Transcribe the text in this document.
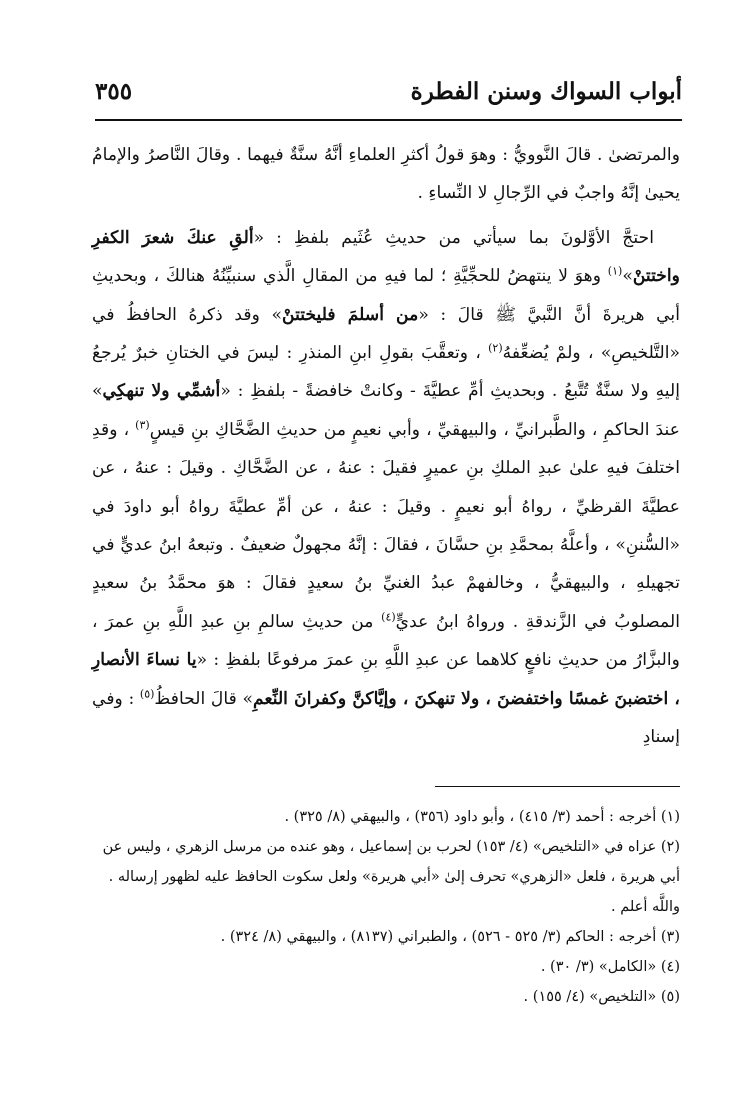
أبواب السواك وسنن الفطرة
٣٥٥

والمرتضىٰ . قالَ النَّوويُّ : وهوَ قولُ أكثرِ العلماءِ أنَّهُ سنَّةٌ فيهما . وقالَ النَّاصرُ والإمامُ يحيىٰ إنَّهُ واجبٌ في الرِّجالِ لا النِّساءِ .

احتجَّ الأوَّلونَ بما سيأتي من حديثِ عُثَيم بلفظِ : «ألقِ عنكَ شعرَ الكفرِ واختتنْ»$^{(١)}$ وهوَ لا ينتهضُ للحجِّيَّةِ ؛ لما فيهِ من المقالِ الَّذي سنبيِّنُهُ هنالكَ ، وبحديثِ أبي هريرةَ أنَّ النَّبيَّ ﷺ قالَ : «من أسلمَ فليختتنْ» وقد ذكرهُ الحافظُ في «التَّلخيصِ» ، ولمْ يُضعِّفهُ$^{(٢)}$ ، وتعقَّبَ بقولِ ابنِ المنذرِ : ليسَ في الختانِ خبرٌ يُرجعُ إليهِ ولا سنَّةٌ تُتَّبعُ . وبحديثِ أمِّ عطيَّةَ - وكانتْ خافضةً - بلفظِ : «أشمِّي ولا تنهكِي» عندَ الحاكمِ ، والطَّبرانيِّ ، والبيهقيِّ ، وأبي نعيمٍ من حديثِ الضَّحَّاكِ بنِ قيسٍ$^{(٣)}$ ، وقدِ اختلفَ فيهِ علىٰ عبدِ الملكِ بنِ عميرٍ فقيلَ : عنهُ ، عن الضَّحَّاكِ . وقيلَ : عنهُ ، عن عطيَّةَ القرظيِّ ، رواهُ أبو نعيمٍ . وقيلَ : عنهُ ، عن أمِّ عطيَّةَ رواهُ أبو داودَ في «السُّننِ» ، وأعلَّهُ بمحمَّدِ بنِ حسَّانَ ، فقالَ : إنَّهُ مجهولٌ ضعيفٌ . وتبعهُ ابنُ عديٍّ في تجهيلهِ ، والبيهقيُّ ، وخالفهمْ عبدُ الغنيِّ بنُ سعيدٍ فقالَ : هوَ محمَّدُ بنُ سعيدٍ المصلوبُ في الزَّندقةِ . ورواهُ ابنُ عديٍّ$^{(٤)}$ من حديثِ سالمِ بنِ عبدِ اللَّهِ بنِ عمرَ ، والبزَّارُ من حديثِ نافعٍ كلاهما عن عبدِ اللَّهِ بنِ عمرَ مرفوعًا بلفظِ : «يا نساءَ الأنصارِ ، اختضبنَ غمسًا واختفضنَ ، ولا تنهكنَ ، وإيَّاكنَّ وكفرانَ النِّعمِ» قالَ الحافظُ$^{(٥)}$ : وفي إسنادِ

(١) أخرجه : أحمد (٣/ ٤١٥) ، وأبو داود (٣٥٦) ، والبيهقي (٨/ ٣٢٥) .

(٢) عزاه في «التلخيص» (٤/ ١٥٣) لحرب بن إسماعيل ، وهو عنده من مرسل الزهري ، وليس عن أبي هريرة ، فلعل «الزهري» تحرف إلىٰ «أبي هريرة» ولعل سكوت الحافظ عليه لظهور إرساله . واللَّه أعلم .

(٣) أخرجه : الحاكم (٣/ ٥٢٥ - ٥٢٦) ، والطبراني (٨١٣٧) ، والبيهقي (٨/ ٣٢٤) .

(٤) «الكامل» (٣/ ٣٠) .

(٥) «التلخيص» (٤/ ١٥٥) .
